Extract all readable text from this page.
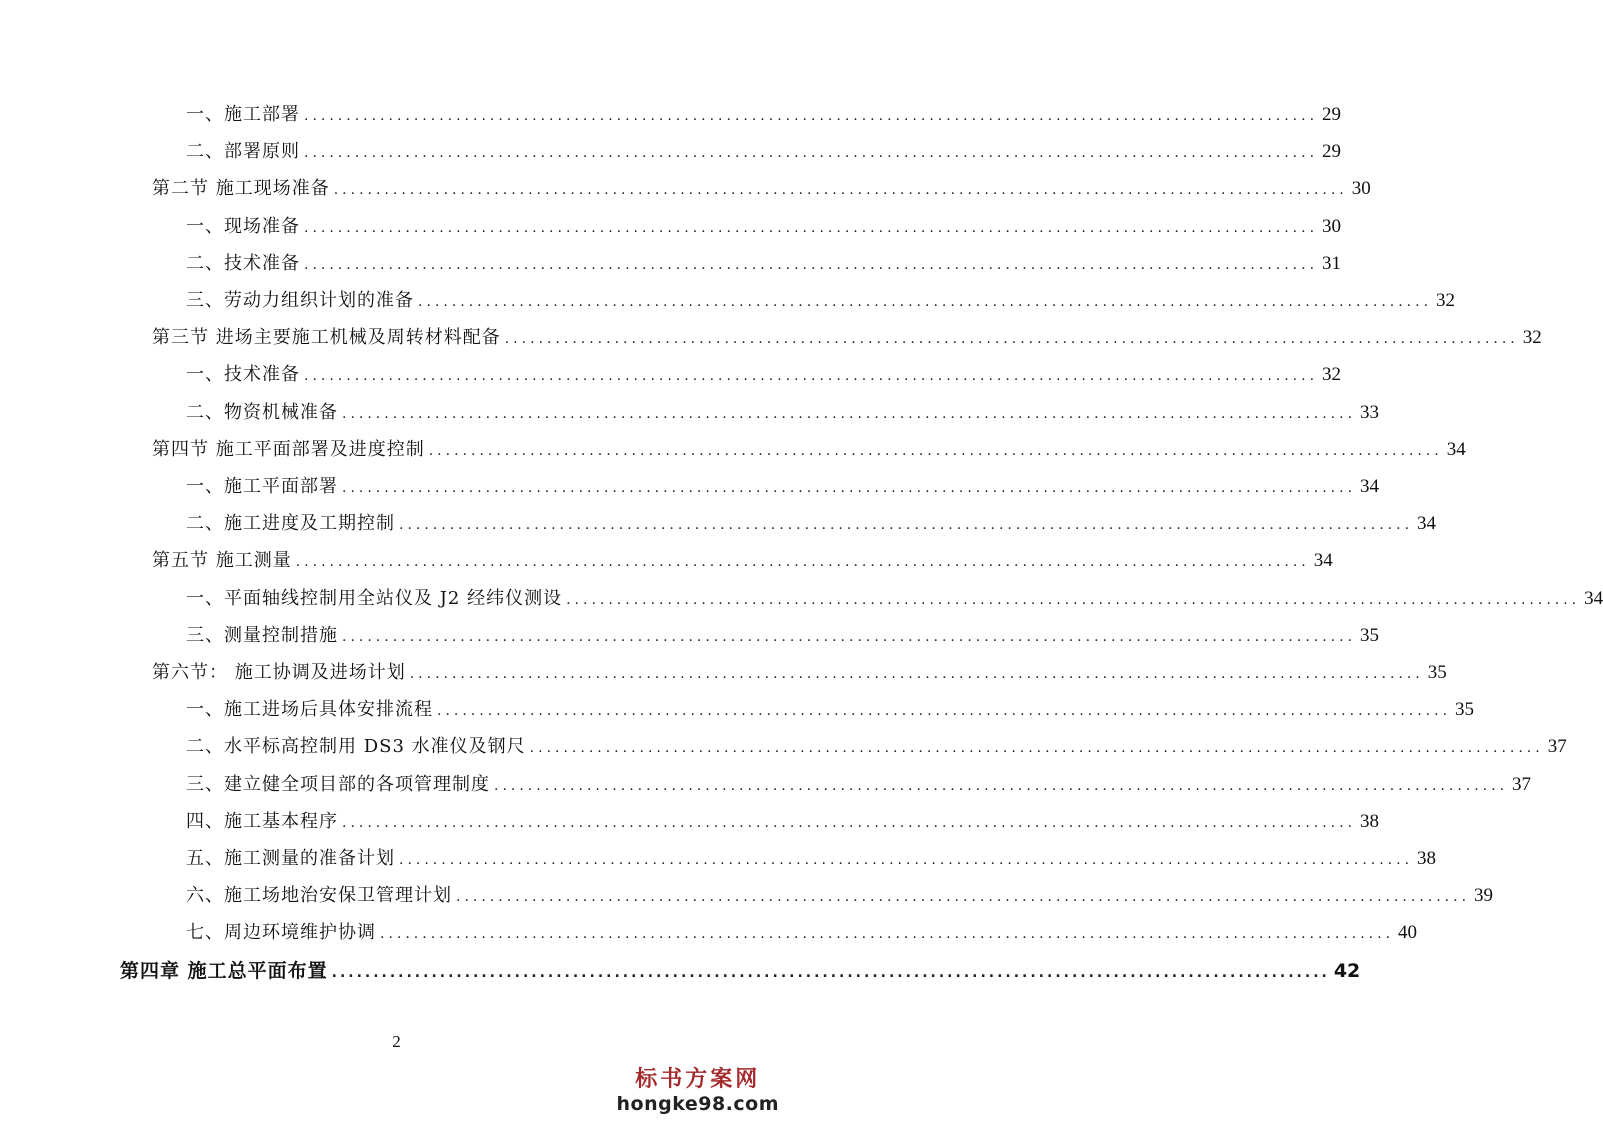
一、施工部署 ........................................................................................................................ 29
二、部署原则 ........................................................................................................................ 29
第二节 施工现场准备 ........................................................................................................................ 30
一、现场准备 ........................................................................................................................ 30
二、技术准备 ........................................................................................................................ 31
三、劳动力组织计划的准备 ........................................................................................................................ 32
第三节 进场主要施工机械及周转材料配备 ........................................................................................................................ 32
一、技术准备 ........................................................................................................................ 32
二、物资机械准备 ........................................................................................................................ 33
第四节 施工平面部署及进度控制 ........................................................................................................................ 34
一、施工平面部署 ........................................................................................................................ 34
二、施工进度及工期控制 ........................................................................................................................ 34
第五节 施工测量 ........................................................................................................................ 34
一、平面轴线控制用全站仪及 J2 经纬仪测设 ........................................................................................................................ 34
三、测量控制措施 ........................................................................................................................ 35
第六节： 施工协调及进场计划 ........................................................................................................................ 35
一、施工进场后具体安排流程 ........................................................................................................................ 35
二、水平标高控制用 DS3 水准仪及钢尺 ........................................................................................................................ 37
三、建立健全项目部的各项管理制度 ........................................................................................................................ 37
四、施工基本程序 ........................................................................................................................ 38
五、施工测量的准备计划 ........................................................................................................................ 38
六、施工场地治安保卫管理计划 ........................................................................................................................ 39
七、周边环境维护协调 ........................................................................................................................ 40
第四章 施工总平面布置 ........................................................................................................................ 42
2
标书方案网
hongke98.com
